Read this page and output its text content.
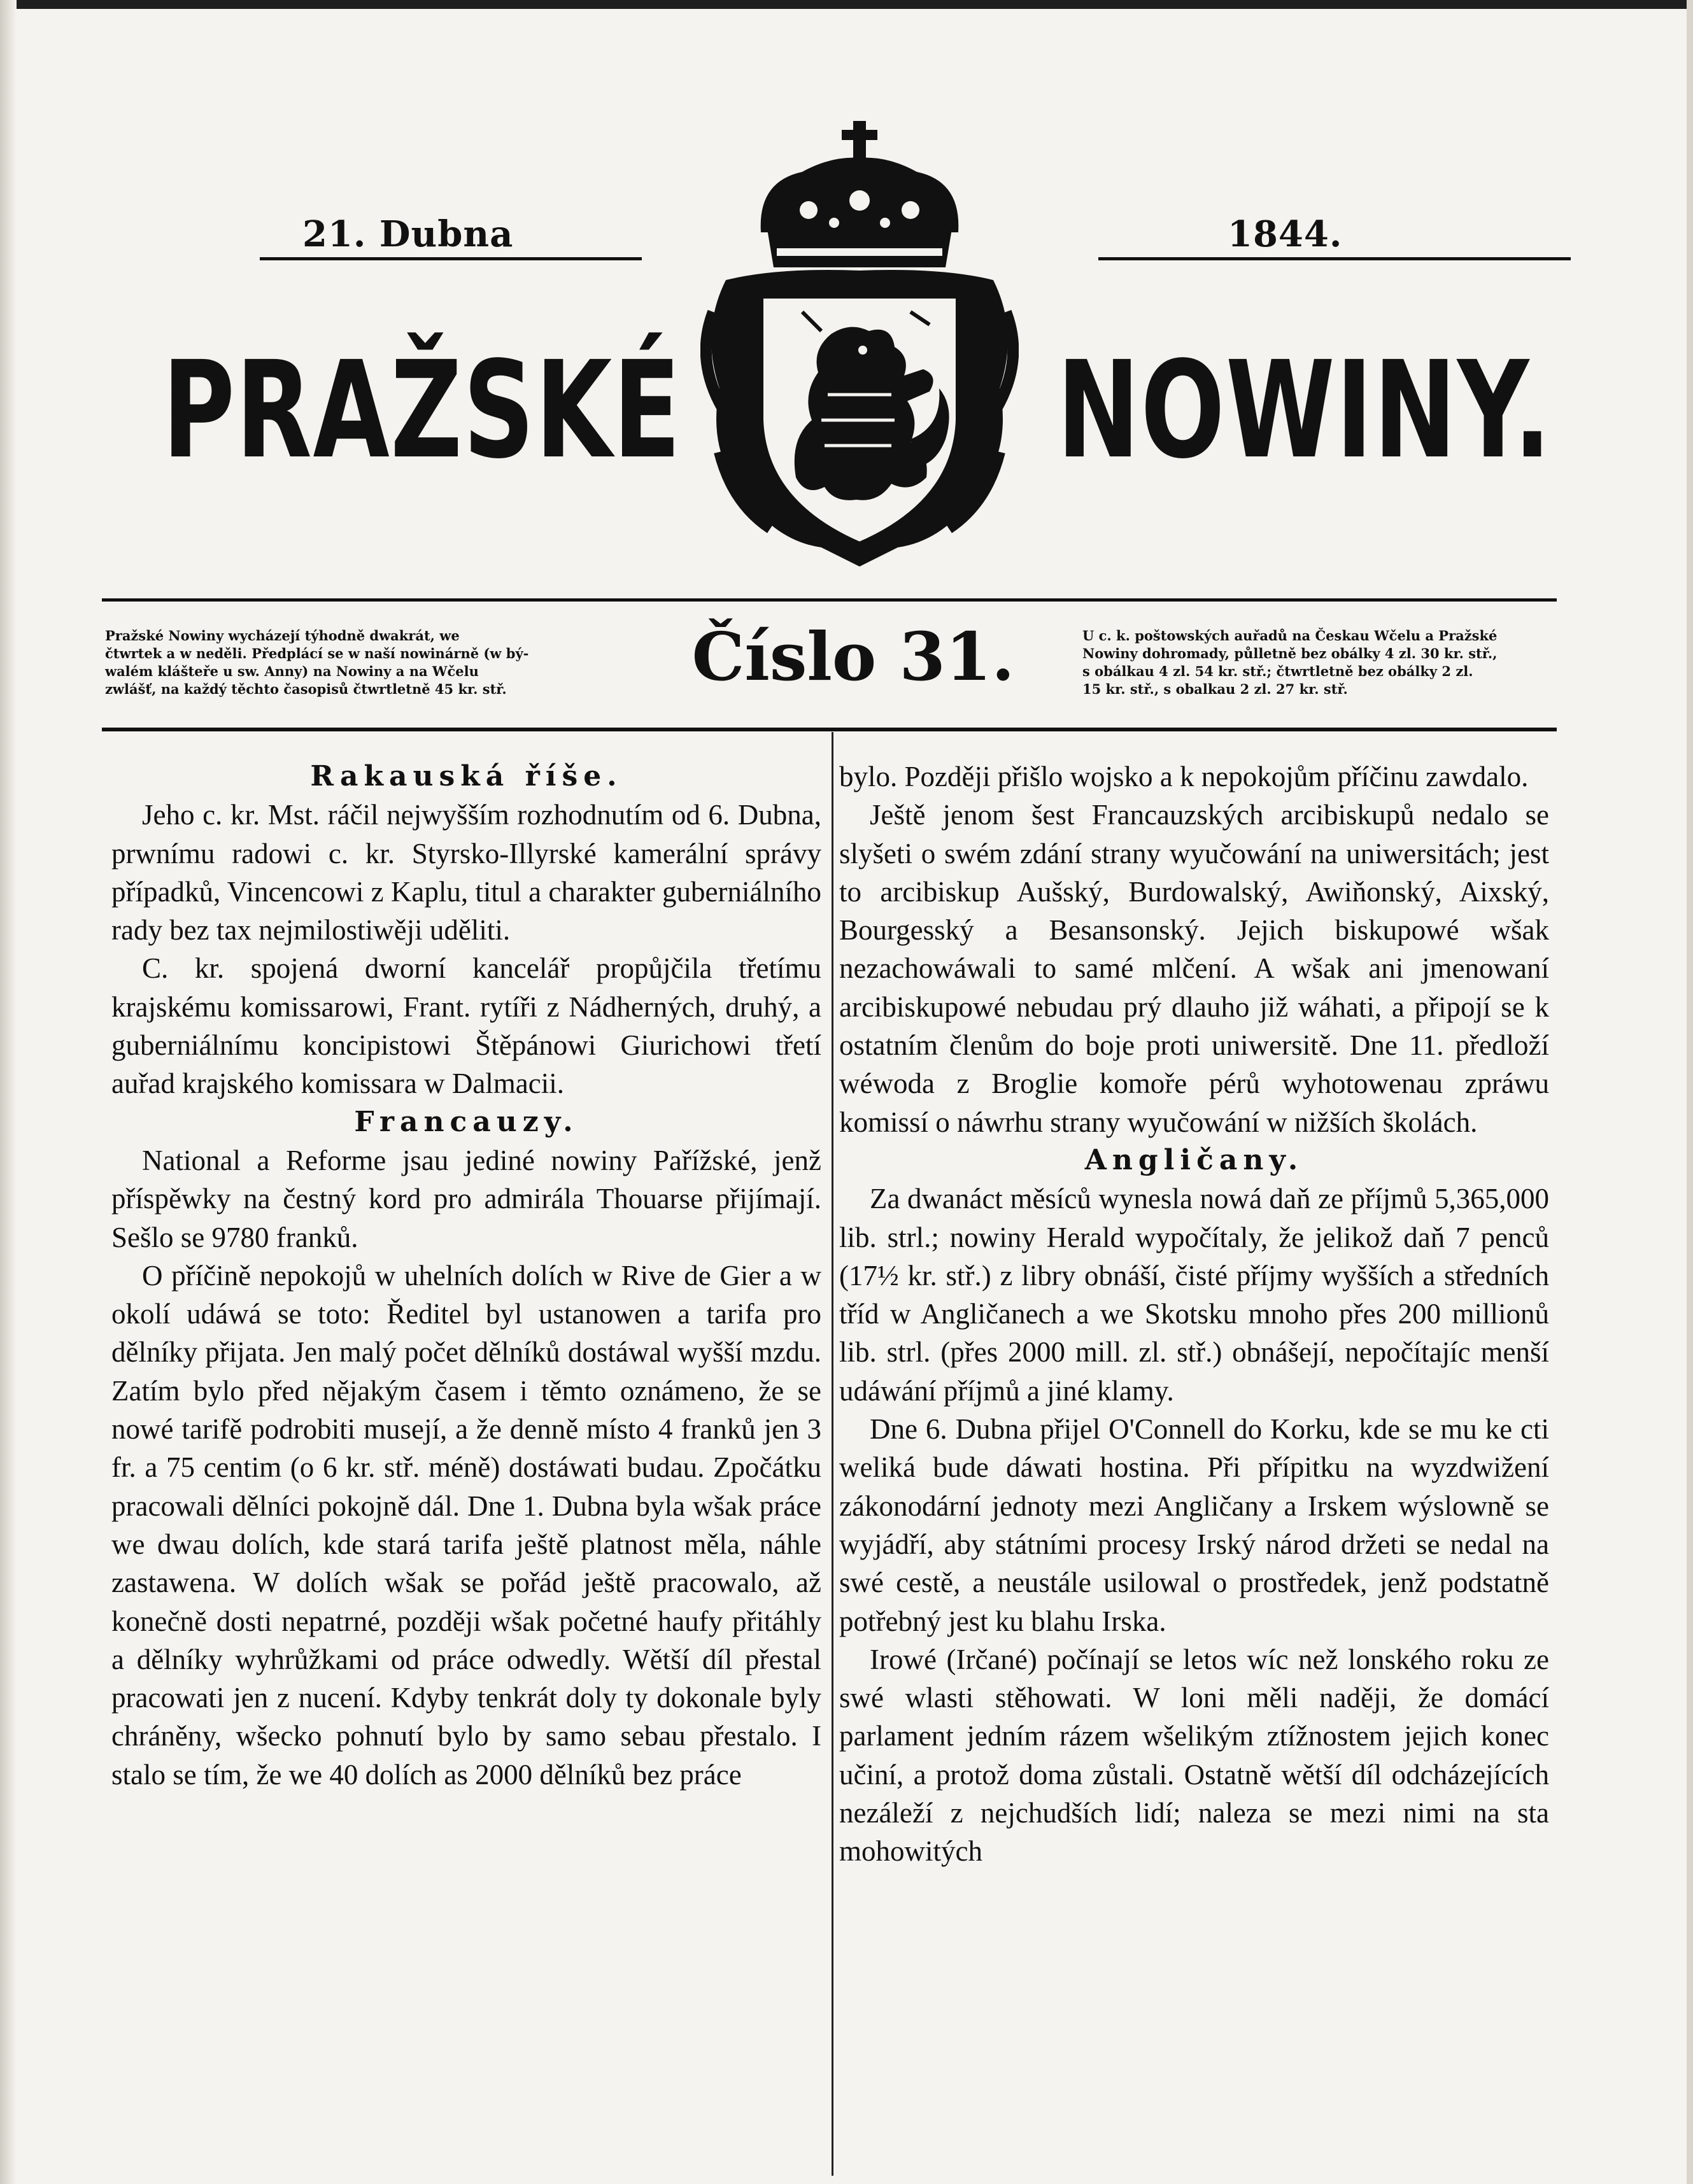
21. Dubna	1844.
PRAŽSKÉ	NOWINY.
Pražské Nowiny wycházejí týhodně dwakrát, we
čtwrtek a w neděli. Předplácí se w naší nowinárně (w bý-
walém klášteře u sw. Anny) na Nowiny a na Wčelu
zwlášť, na každý těchto časopisů čtwrtletně 45 kr. stř.	Číslo 31.	U c. k. poštowských auřadů na Českau Wčelu a Pražské
Nowiny dohromady, půlletně bez obálky 4 zl. 30 kr. stř.,
s obálkau 4 zl. 54 kr. stř.; čtwrtletně bez obálky 2 zl.
15 kr. stř., s obalkau 2 zl. 27 kr. stř.
Rakauská říše.

Jeho c. kr. Mst. ráčil nejwyšším rozhodnutím od 6. Dubna, prwnímu radowi c. kr. Styrsko-Illyrské kamerální správy případků, Vincencowi z Kaplu, titul a charakter guberniálního rady bez tax nejmilostiwěji uděliti.

C. kr. spojená dworní kancelář propůjčila třetímu krajskému komissarowi, Frant. rytíři z Nádherných, druhý, a guberniálnímu koncipistowi Štěpánowi Giurichowi třetí auřad krajského komissara w Dalmacii.

Francauzy.

National a Reforme jsau jediné nowiny Pařížské, jenž příspěwky na čestný kord pro admirála Thouarse přijímají. Sešlo se 9780 franků.

O příčině nepokojů w uhelních dolích w Rive de Gier a w okolí udáwá se toto: Ředitel byl ustanowen a tarifa pro dělníky přijata. Jen malý počet dělníků dostáwal wyšší mzdu. Zatím bylo před nějakým časem i těmto oznámeno, že se nowé tarifě podrobiti musejí, a že denně místo 4 franků jen 3 fr. a 75 centim (o 6 kr. stř. méně) dostáwati budau. Zpočátku pracowali dělníci pokojně dál. Dne 1. Dubna byla wšak práce we dwau dolích, kde stará tarifa ještě platnost měla, náhle zastawena. W dolích wšak se pořád ještě pracowalo, až konečně dosti nepatrné, později wšak početné haufy přitáhly a dělníky wyhrůžkami od práce odwedly. Wětší díl přestal pracowati jen z nucení. Kdyby tenkrát doly ty dokonale byly chráněny, wšecko pohnutí bylo by samo sebau přestalo. I stalo se tím, že we 40 dolích as 2000 dělníků bez práce

bylo. Později přišlo wojsko a k nepokojům příčinu zawdalo.

Ještě jenom šest Francauzských arcibiskupů nedalo se slyšeti o swém zdání strany wyučowání na uniwersitách; jest to arcibiskup Aušský, Burdowalský, Awiňonský, Aixský, Bourgesský a Besansonský. Jejich biskupowé wšak nezachowáwali to samé mlčení. A wšak ani jmenowaní arcibiskupowé nebudau prý dlauho již wáhati, a připojí se k ostatním členům do boje proti uniwersitě. Dne 11. předloží wéwoda z Broglie komoře pérů wyhotowenau zpráwu komissí o náwrhu strany wyučowání w nižších školách.

Angličany.

Za dwanáct měsíců wynesla nowá daň ze příjmů 5,365,000 lib. strl.; nowiny Herald wypočítaly, že jelikož daň 7 penců (17½ kr. stř.) z libry obnáší, čisté příjmy wyšších a středních tříd w Angličanech a we Skotsku mnoho přes 200 millionů lib. strl. (přes 2000 mill. zl. stř.) obnášejí, nepočítajíc menší udáwání příjmů a jiné klamy.

Dne 6. Dubna přijel O'Connell do Korku, kde se mu ke cti weliká bude dáwati hostina. Při přípitku na wyzdwižení zákonodární jednoty mezi Angličany a Irskem wýslowně se wyjádří, aby státními procesy Irský národ držeti se nedal na swé cestě, a neustále usilowal o prostředek, jenž podstatně potřebný jest ku blahu Irska.

Irowé (Irčané) počínají se letos wíc než lonského roku ze swé wlasti stěhowati. W loni měli naději, že domácí parlament jedním rázem wšelikým ztížnostem jejich konec učiní, a protož doma zůstali. Ostatně wětší díl odcházejících nezáleží z nejchudších lidí; naleza se mezi nimi na sta mohowitých
